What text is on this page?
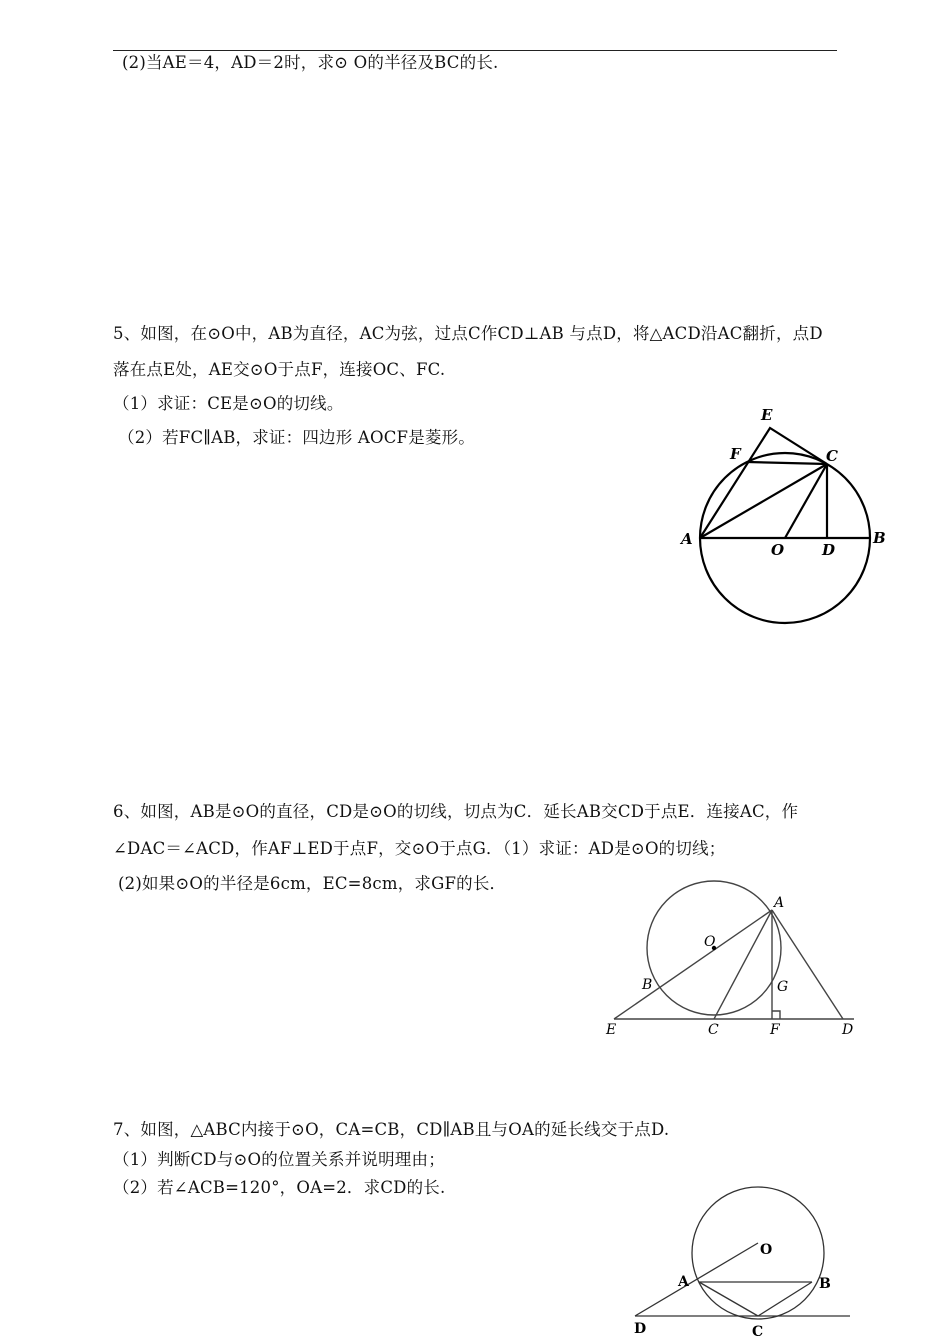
(2)当AE＝4，AD＝2时，求⊙ O的半径及BC的长.
5、如图，在⊙O中，AB为直径，AC为弦，过点C作CD⊥AB 与点D，将△ACD沿AC翻折，点D
落在点E处，AE交⊙O于点F，连接OC、FC.
（1）求证：CE是⊙O的切线。
（2）若FC∥AB，求证：四边形 AOCF是菱形。
E
F	C
A
O	D
B
6、如图，AB是⊙O的直径，CD是⊙O的切线，切点为C．延长AB交CD于点E．连接AC，作
∠DAC＝∠ACD，作AF⊥ED于点F，交⊙O于点G．（1）求证：AD是⊙O的切线；
(2)如果⊙O的半径是6cm，EC=8cm，求GF的长．
A
O
B	G
E	C	F	D
7、如图，△ABC内接于⊙O，CA=CB，CD∥AB且与OA的延长线交于点D.
（1）判断CD与⊙O的位置关系并说明理由；
（2）若∠ACB=120°，OA=2．求CD的长.
O
A	B
D	C
